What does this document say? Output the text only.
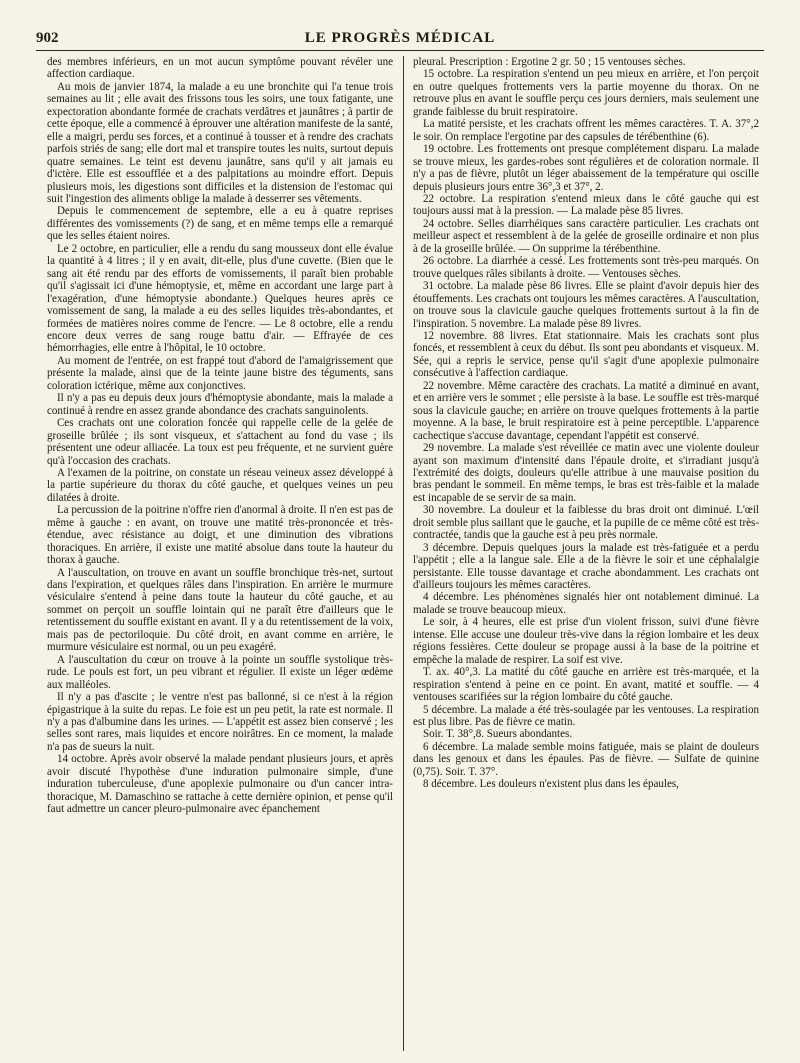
902	LE PROGRÈS MÉDICAL

des membres inférieurs, en un mot aucun symptôme pouvant révéler une affection cardiaque.

Au mois de janvier 1874, la malade a eu une bronchite qui l'a tenue trois semaines au lit ; elle avait des frissons tous les soirs, une toux fatigante, une expectoration abondante formée de crachats verdâtres et jaunâtres ; à partir de cette époque, elle a commencé à éprouver une altération manifeste de la santé, elle a maigri, perdu ses forces, et a continué à tousser et à rendre des crachats parfois striés de sang; elle dort mal et transpire toutes les nuits, surtout depuis quatre semaines. Le teint est devenu jaunâtre, sans qu'il y ait jamais eu d'ictère. Elle est essoufflée et a des palpitations au moindre effort. Depuis plusieurs mois, les digestions sont difficiles et la distension de l'estomac qui suit l'ingestion des aliments oblige la malade à desserrer ses vêtements.

Depuis le commencement de septembre, elle a eu à quatre reprises différentes des vomissements (?) de sang, et en même temps elle a remarqué que les selles étaient noires.

Le 2 octobre, en particulier, elle a rendu du sang mousseux dont elle évalue la quantité à 4 litres ; il y en avait, dit-elle, plus d'une cuvette. (Bien que le sang ait été rendu par des efforts de vomissements, il paraît bien probable qu'il s'agissait ici d'une hémoptysie, et, même en accordant une large part à l'exagération, d'une hémoptysie abondante.) Quelques heures après ce vomissement de sang, la malade a eu des selles liquides très-abondantes, et formées de matières noires comme de l'encre. — Le 8 octobre, elle a rendu encore deux verres de sang rouge battu d'air. — Effrayée de ces hémorrhagies, elle entre à l'hôpital, le 10 octobre.

Au moment de l'entrée, on est frappé tout d'abord de l'amaigrissement que présente la malade, ainsi que de la teinte jaune bistre des téguments, sans coloration ictérique, même aux conjonctives.

Il n'y a pas eu depuis deux jours d'hémoptysie abondante, mais la malade a continué à rendre en assez grande abondance des crachats sanguinolents.

Ces crachats ont une coloration foncée qui rappelle celle de la gelée de groseille brûlée ; ils sont visqueux, et s'attachent au fond du vase ; ils présentent une odeur alliacée. La toux est peu fréquente, et ne survient guère qu'à l'occasion des crachats.

A l'examen de la poitrine, on constate un réseau veineux assez développé à la partie supérieure du thorax du côté gauche, et quelques veines un peu dilatées à droite.

La percussion de la poitrine n'offre rien d'anormal à droite. Il n'en est pas de même à gauche : en avant, on trouve une matité très-prononcée et très-étendue, avec résistance au doigt, et une diminution des vibrations thoraciques. En arrière, il existe une matité absolue dans toute la hauteur du thorax à gauche.

A l'auscultation, on trouve en avant un souffle bronchique très-net, surtout dans l'expiration, et quelques râles dans l'inspiration. En arrière le murmure vésiculaire s'entend à peine dans toute la hauteur du côté gauche, et au sommet on perçoit un souffle lointain qui ne paraît être d'ailleurs que le retentissement du souffle existant en avant. Il y a du retentissement de la voix, mais pas de pectoriloquie. Du côté droit, en avant comme en arrière, le murmure vésiculaire est normal, ou un peu exagéré.

A l'auscultation du cœur on trouve à la pointe un souffle systolique très-rude. Le pouls est fort, un peu vibrant et régulier. Il existe un léger œdème aux malléoles.

Il n'y a pas d'ascite ; le ventre n'est pas ballonné, si ce n'est à la région épigastrique à la suite du repas. Le foie est un peu petit, la rate est normale. Il n'y a pas d'albumine dans les urines. — L'appétit est assez bien conservé ; les selles sont rares, mais liquides et encore noirâtres. En ce moment, la malade n'a pas de sueurs la nuit.

14 octobre. Après avoir observé la malade pendant plusieurs jours, et après avoir discuté l'hypothèse d'une induration pulmonaire simple, d'une induration tuberculeuse, d'une apoplexie pulmonaire ou d'un cancer intra-thoracique, M. Damaschino se rattache à cette dernière opinion, et pense qu'il faut admettre un cancer pleuro-pulmonaire avec épanchement

pleural. Prescription : Ergotine 2 gr. 50 ; 15 ventouses sèches.

15 octobre. La respiration s'entend un peu mieux en arrière, et l'on perçoit en outre quelques frottements vers la partie moyenne du thorax. On ne retrouve plus en avant le souffle perçu ces jours derniers, mais seulement une grande faiblesse du bruit respiratoire.

La matité persiste, et les crachats offrent les mêmes caractères. T. A. 37°,2 le soir. On remplace l'ergotine par des capsules de térébenthine (6).

19 octobre. Les frottements ont presque complétement disparu. La malade se trouve mieux, les gardes-robes sont régulières et de coloration normale. Il n'y a pas de fièvre, plutôt un léger abaissement de la température qui oscille depuis plusieurs jours entre 36°,3 et 37°, 2.

22 octobre. La respiration s'entend mieux dans le côté gauche qui est toujours aussi mat à la pression. — La malade pèse 85 livres.

24 octobre. Selles diarrhéiques sans caractère particulier. Les crachats ont meilleur aspect et ressemblent à de la gelée de groseille ordinaire et non plus à de la groseille brûlée. — On supprime la térébenthine.

26 octobre. La diarrhée a cessé. Les frottements sont très-peu marqués. On trouve quelques râles sibilants à droite. — Ventouses sèches.

31 octobre. La malade pèse 86 livres. Elle se plaint d'avoir depuis hier des étouffements. Les crachats ont toujours les mêmes caractères. A l'auscultation, on trouve sous la clavicule gauche quelques frottements surtout à la fin de l'inspiration. 5 novembre. La malade pèse 89 livres.

12 novembre. 88 livres. Etat stationnaire. Mais les crachats sont plus foncés, et ressemblent à ceux du début. Ils sont peu abondants et visqueux. M. Sée, qui a repris le service, pense qu'il s'agit d'une apoplexie pulmonaire consécutive à l'affection cardiaque.

22 novembre. Même caractère des crachats. La matité a diminué en avant, et en arrière vers le sommet ; elle persiste à la base. Le souffle est très-marqué sous la clavicule gauche; en arrière on trouve quelques frottements à la partie moyenne. A la base, le bruit respiratoire est à peine perceptible. L'apparence cachectique s'accuse davantage, cependant l'appétit est conservé.

29 novembre. La malade s'est réveillée ce matin avec une violente douleur ayant son maximum d'intensité dans l'épaule droite, et s'irradiant jusqu'à l'extrémité des doigts, douleurs qu'elle attribue à une mauvaise position du bras pendant le sommeil. En même temps, le bras est très-faible et la malade est incapable de se servir de sa main.

30 novembre. La douleur et la faiblesse du bras droit ont diminué. L'œil droit semble plus saillant que le gauche, et la pupille de ce même côté est très-contractée, tandis que la gauche est à peu près normale.

3 décembre. Depuis quelques jours la malade est très-fatiguée et a perdu l'appétit ; elle a la langue sale. Elle a de la fièvre le soir et une céphalalgie persistante. Elle tousse davantage et crache abondamment. Les crachats ont d'ailleurs toujours les mêmes caractères.

4 décembre. Les phénomènes signalés hier ont notablement diminué. La malade se trouve beaucoup mieux.

Le soir, à 4 heures, elle est prise d'un violent frisson, suivi d'une fièvre intense. Elle accuse une douleur très-vive dans la région lombaire et les deux régions fessières. Cette douleur se propage aussi à la base de la poitrine et empêche la malade de respirer. La soif est vive.

T. ax. 40°,3. La matité du côté gauche en arrière est très-marquée, et la respiration s'entend à peine en ce point. En avant, matité et souffle. — 4 ventouses scarifiées sur la région lombaire du côté gauche.

5 décembre. La malade a été très-soulagée par les ventouses. La respiration est plus libre. Pas de fièvre ce matin.

Soir. T. 38°,8. Sueurs abondantes.

6 décembre. La malade semble moins fatiguée, mais se plaint de douleurs dans les genoux et dans les épaules. Pas de fièvre. — Sulfate de quinine (0,75). Soir. T. 37°.

8 décembre. Les douleurs n'existent plus dans les épaules,
